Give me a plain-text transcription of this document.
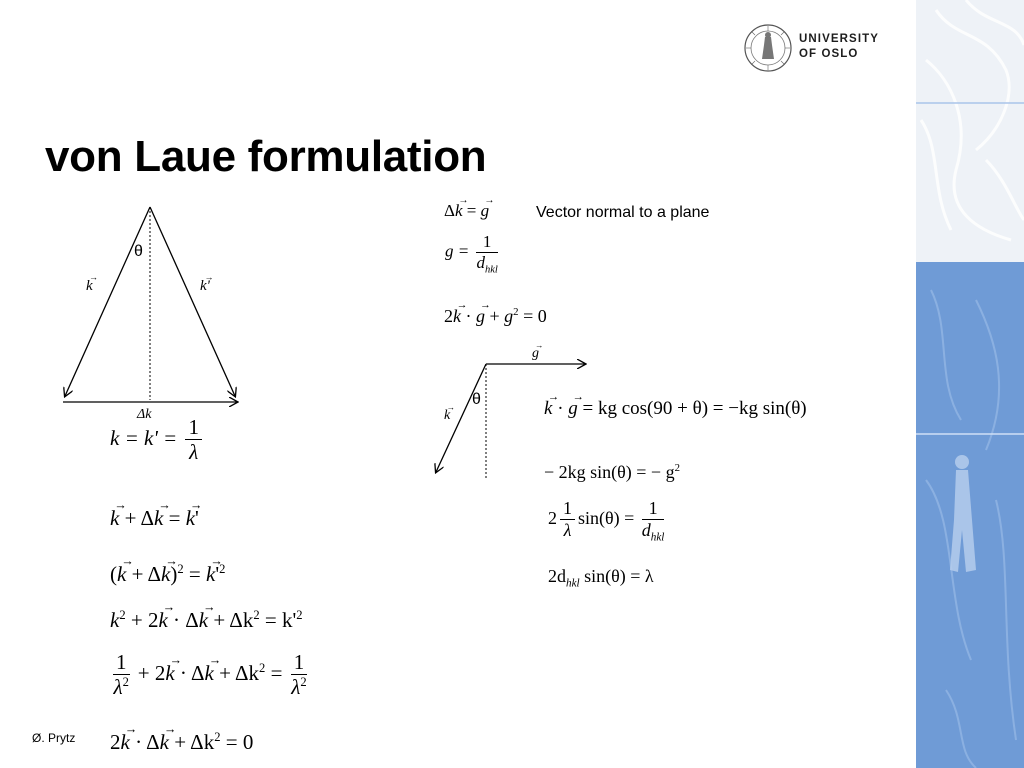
UNIVERSITY
OF OSLO
von Laue formulation
θ
k →	k' →
Δk
g →
k →
θ
Δk → = g →	Vector normal to a plane
$g = \frac{1}{d_{hkl}}$
2k → · g → + $g^2 = 0$
k → · g → = kg cos(90 + θ) = −kg sin(θ)
− 2kg sin(θ) = − $g^2$
$2 \frac{1}{\lambda} \sin(\theta) = \frac{1}{d_{hkl}}$
$2d_{hkl}$ sin(θ) = λ
$k = k' = \frac{1}{\lambda}$
k → + Δk → = k →'
(k → + $\Delta k \to)^2 = k \to'^2$
$k^2 + 2k$ → · Δk → + $\Delta k^2 = k'^2$
$\frac{1}{\lambda^2} + 2k$ → · Δk → + $\Delta k^2 = \frac{1}{\lambda^2}$
2k → · Δk → + $\Delta k^2 = 0$
Ø. Prytz
